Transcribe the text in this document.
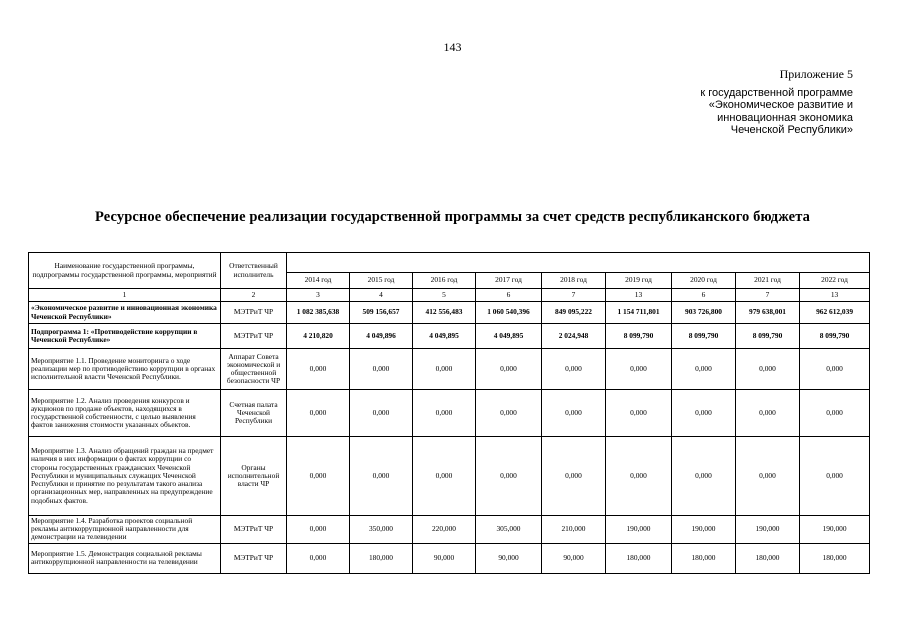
143
Приложение 5
к государственной программе
«Экономическое развитие и
инновационная экономика
Чеченской Республики»
Ресурсное обеспечение реализации государственной программы за счет средств республиканского бюджета
Наименование государственной программы, подпрограммы государственной программы, мероприятий	Ответственный исполнитель									
		2014 год	2015 год	2016 год	2017 год	2018 год	2019 год	2020 год	2021 год	2022 год
1	2	3	4	5	6	7	13	6	7	13
«Экономическое развитие и инновационная экономика Чеченской Республики»	МЭТРиТ ЧР	1 082 385,638	509 156,657	412 556,483	1 060 540,396	849 095,222	1 154 711,801	903 726,800	979 638,001	962 612,039
Подпрограмма 1: «Противодействие коррупции в Чеченской Республике»	МЭТРиТ ЧР	4 210,820	4 049,896	4 049,895	4 049,895	2 024,948	8 099,790	8 099,790	8 099,790	8 099,790
Мероприятие 1.1. Проведение мониторинга о ходе реализации мер по противодействию коррупции в органах исполнительной власти Чеченской Республики.	Аппарат Совета экономической и общественной безопасности ЧР	0,000	0,000	0,000	0,000	0,000	0,000	0,000	0,000	0,000
Мероприятие 1.2. Анализ проведения конкурсов и аукционов по продаже объектов, находящихся в государственной собственности, с целью выявления фактов занижения стоимости указанных объектов.	Счетная палата Чеченской Республики	0,000	0,000	0,000	0,000	0,000	0,000	0,000	0,000	0,000
Мероприятие 1.3. Анализ обращений граждан на предмет наличия в них информации о фактах коррупции со стороны государственных гражданских Чеченской Республики и муниципальных служащих Чеченской Республики и принятие по результатам такого анализа организационных мер, направленных на предупреждение подобных фактов.	Органы исполнительной власти ЧР	0,000	0,000	0,000	0,000	0,000	0,000	0,000	0,000	0,000
Мероприятие 1.4. Разработка проектов социальной рекламы антикоррупционной направленности для демонстрации на телевидении	МЭТРиТ ЧР	0,000	350,000	220,000	305,000	210,000	190,000	190,000	190,000	190,000
Мероприятие 1.5. Демонстрация социальной рекламы антикоррупционной направленности на телевидении	МЭТРиТ ЧР	0,000	180,000	90,000	90,000	90,000	180,000	180,000	180,000	180,000
